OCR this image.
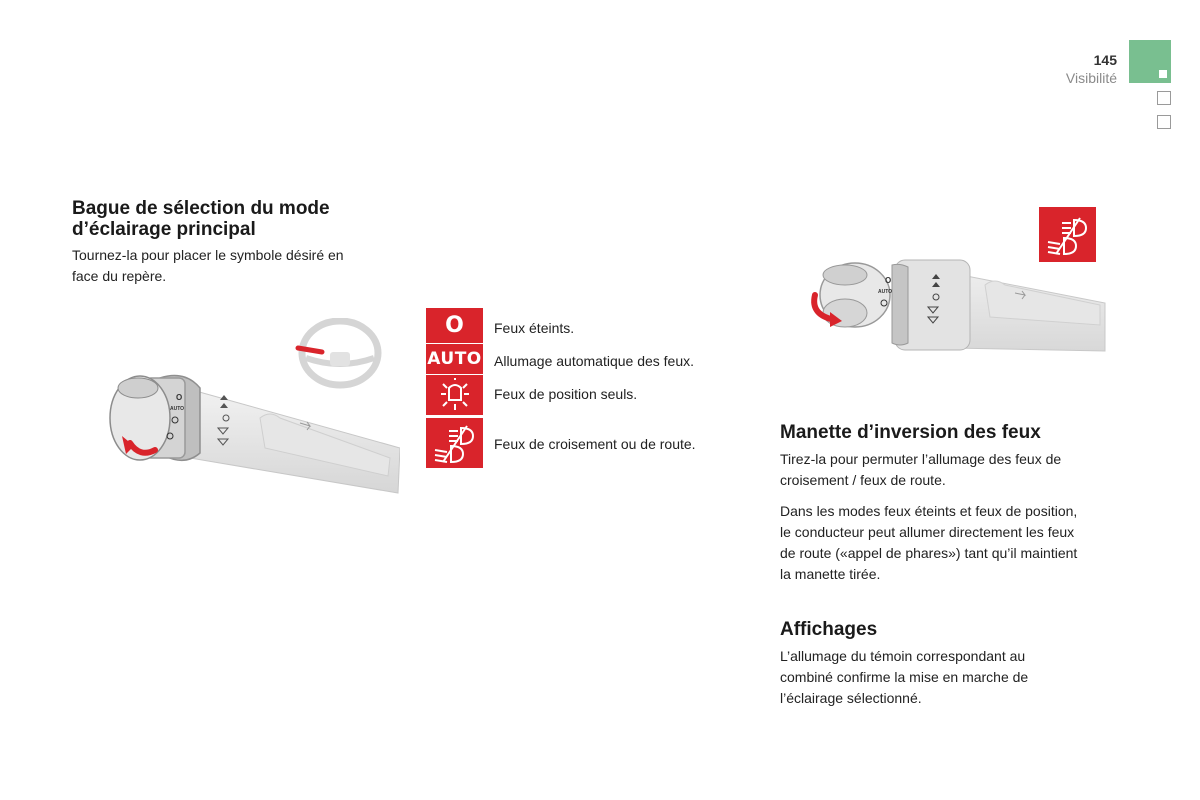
145
Visibilité
Bague de sélection du mode
d’éclairage principal
Tournez-la pour placer le symbole désiré en
face du repère.
O
AUTO
O Feux éteints.
AUTO Allumage automatique des feux.
Feux de position seuls.
Feux de croisement ou de route.
O
AUTO
Manette d’inversion des feux
Tirez-la pour permuter l’allumage des feux de
croisement / feux de route.
Dans les modes feux éteints et feux de position,
le conducteur peut allumer directement les feux
de route («appel de phares») tant qu’il maintient
la manette tirée.
Affichages
L’allumage du témoin correspondant au
combiné confirme la mise en marche de
l’éclairage sélectionné.
